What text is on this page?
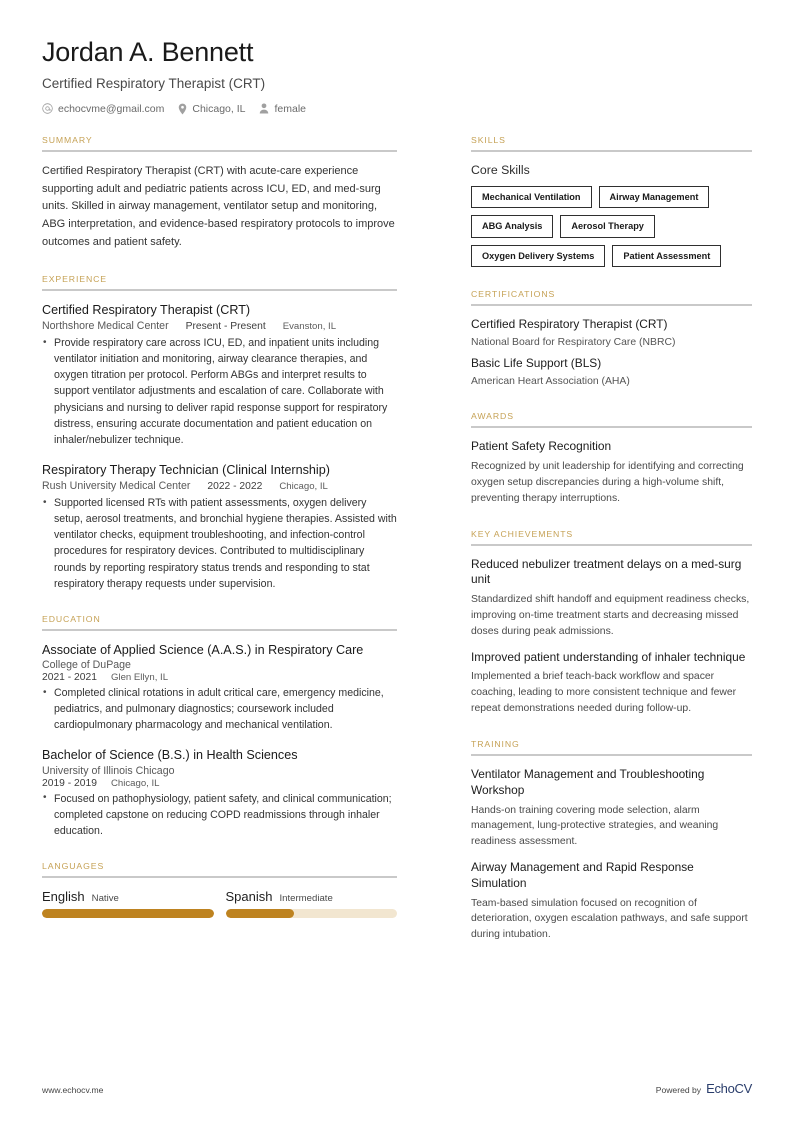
Jordan A. Bennett
Certified Respiratory Therapist (CRT)
echocvme@gmail.com	Chicago, IL	female
SUMMARY
Certified Respiratory Therapist (CRT) with acute-care experience supporting adult and pediatric patients across ICU, ED, and med-surg units. Skilled in airway management, ventilator setup and monitoring, ABG interpretation, and evidence-based respiratory protocols to improve outcomes and patient safety.
EXPERIENCE
Certified Respiratory Therapist (CRT)
Northshore Medical Center Present - Present Evanston, IL
• Provide respiratory care across ICU, ED, and inpatient units including ventilator initiation and monitoring, airway clearance therapies, and oxygen titration per protocol. Perform ABGs and interpret results to support ventilator adjustments and escalation of care. Collaborate with physicians and nursing to deliver rapid response support for respiratory distress, ensuring accurate documentation and patient education on inhaler/nebulizer technique.
Respiratory Therapy Technician (Clinical Internship)
Rush University Medical Center 2022 - 2022 Chicago, IL
• Supported licensed RTs with patient assessments, oxygen delivery setup, aerosol treatments, and bronchial hygiene therapies. Assisted with ventilator checks, equipment troubleshooting, and infection-control procedures for respiratory devices. Contributed to multidisciplinary rounds by reporting respiratory status trends and responding to stat respiratory therapy requests under supervision.
EDUCATION
Associate of Applied Science (A.A.S.) in Respiratory Care
College of DuPage
2021 - 2021 Glen Ellyn, IL
• Completed clinical rotations in adult critical care, emergency medicine, pediatrics, and pulmonary diagnostics; coursework included cardiopulmonary pharmacology and mechanical ventilation.
Bachelor of Science (B.S.) in Health Sciences
University of Illinois Chicago
2019 - 2019 Chicago, IL
• Focused on pathophysiology, patient safety, and clinical communication; completed capstone on reducing COPD readmissions through inhaler education.
LANGUAGES
English Native	Spanish Intermediate
SKILLS
Core Skills
Mechanical Ventilation	Airway Management
ABG Analysis	Aerosol Therapy
Oxygen Delivery Systems	Patient Assessment
CERTIFICATIONS
Certified Respiratory Therapist (CRT)
National Board for Respiratory Care (NBRC)
Basic Life Support (BLS)
American Heart Association (AHA)
AWARDS
Patient Safety Recognition
Recognized by unit leadership for identifying and correcting oxygen setup discrepancies during a high-volume shift, preventing therapy interruptions.
KEY ACHIEVEMENTS
Reduced nebulizer treatment delays on a med-surg unit
Standardized shift handoff and equipment readiness checks, improving on-time treatment starts and decreasing missed doses during peak admissions.
Improved patient understanding of inhaler technique
Implemented a brief teach-back workflow and spacer coaching, leading to more consistent technique and fewer repeat demonstrations needed during follow-up.
TRAINING
Ventilator Management and Troubleshooting Workshop
Hands-on training covering mode selection, alarm management, lung-protective strategies, and weaning readiness assessment.
Airway Management and Rapid Response Simulation
Team-based simulation focused on recognition of deterioration, oxygen escalation pathways, and safe support during intubation.
www.echocv.me	Powered by EchoCV
